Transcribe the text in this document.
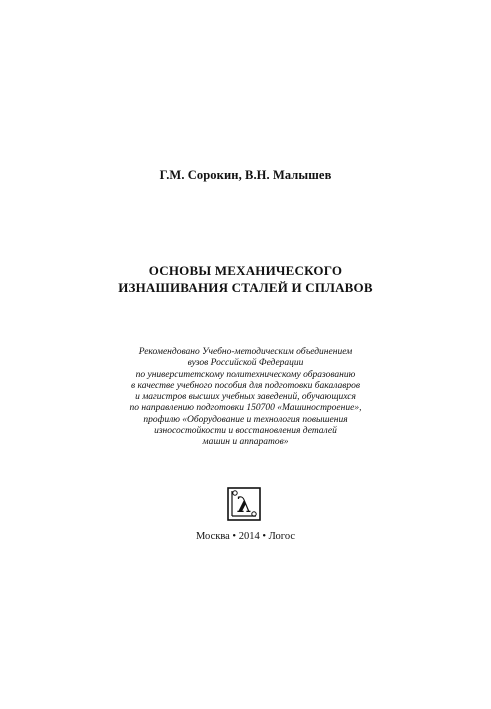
Г.М. Сорокин, В.Н. Малышев
ОСНОВЫ МЕХАНИЧЕСКОГО
ИЗНАШИВАНИЯ СТАЛЕЙ И СПЛАВОВ
Рекомендовано Учебно-методическим объединением
вузов Российской Федерации
по университетскому политехническому образованию
в качестве учебного пособия для подготовки бакалавров
и магистров высших учебных заведений, обучающихся
по направлению подготовки 150700 «Машиностроение»,
профилю «Оборудование и технология повышения
износостойкости и восстановления деталей
машин и аппаратов»
λ
Москва • 2014 • Логос
